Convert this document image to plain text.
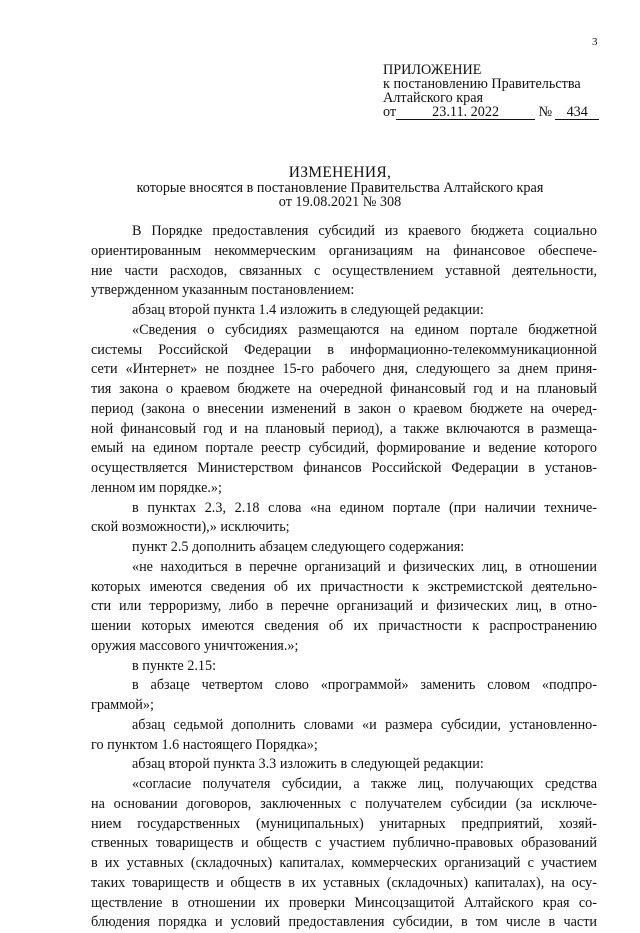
3
ПРИЛОЖЕНИЕ
к постановлению Правительства
Алтайского края
от	23.11. 2022	№ 434
ИЗМЕНЕНИЯ,
которые вносятся в постановление Правительства Алтайского края
от 19.08.2021 № 308
В Порядке предоставления субсидий из краевого бюджета социально
ориентированным некоммерческим организациям на финансовое обеспече-
ние части расходов, связанных с осуществлением уставной деятельности,
утвержденном указанным постановлением:
абзац второй пункта 1.4 изложить в следующей редакции:
«Сведения о субсидиях размещаются на едином портале бюджетной
системы Российской Федерации в информационно-телекоммуникационной
сети «Интернет» не позднее 15-го рабочего дня, следующего за днем приня-
тия закона о краевом бюджете на очередной финансовый год и на плановый
период (закона о внесении изменений в закон о краевом бюджете на очеред-
ной финансовый год и на плановый период), а также включаются в размеща-
емый на едином портале реестр субсидий, формирование и ведение которого
осуществляется Министерством финансов Российской Федерации в установ-
ленном им порядке.»;
в пунктах 2.3, 2.18 слова «на едином портале (при наличии техниче-
ской возможности),» исключить;
пункт 2.5 дополнить абзацем следующего содержания:
«не находиться в перечне организаций и физических лиц, в отношении
которых имеются сведения об их причастности к экстремистской деятельно-
сти или терроризму, либо в перечне организаций и физических лиц, в отно-
шении которых имеются сведения об их причастности к распространению
оружия массового уничтожения.»;
в пункте 2.15:
в абзаце четвертом слово «программой» заменить словом «подпро-
граммой»;
абзац седьмой дополнить словами «и размера субсидии, установленно-
го пунктом 1.6 настоящего Порядка»;
абзац второй пункта 3.3 изложить в следующей редакции:
«согласие получателя субсидии, а также лиц, получающих средства
на основании договоров, заключенных с получателем субсидии (за исключе-
нием государственных (муниципальных) унитарных предприятий, хозяй-
ственных товариществ и обществ с участием публично-правовых образований
в их уставных (складочных) капиталах, коммерческих организаций с участием
таких товариществ и обществ в их уставных (складочных) капиталах), на осу-
ществление в отношении их проверки Минсоцзащитой Алтайского края со-
блюдения порядка и условий предоставления субсидии, в том числе в части
